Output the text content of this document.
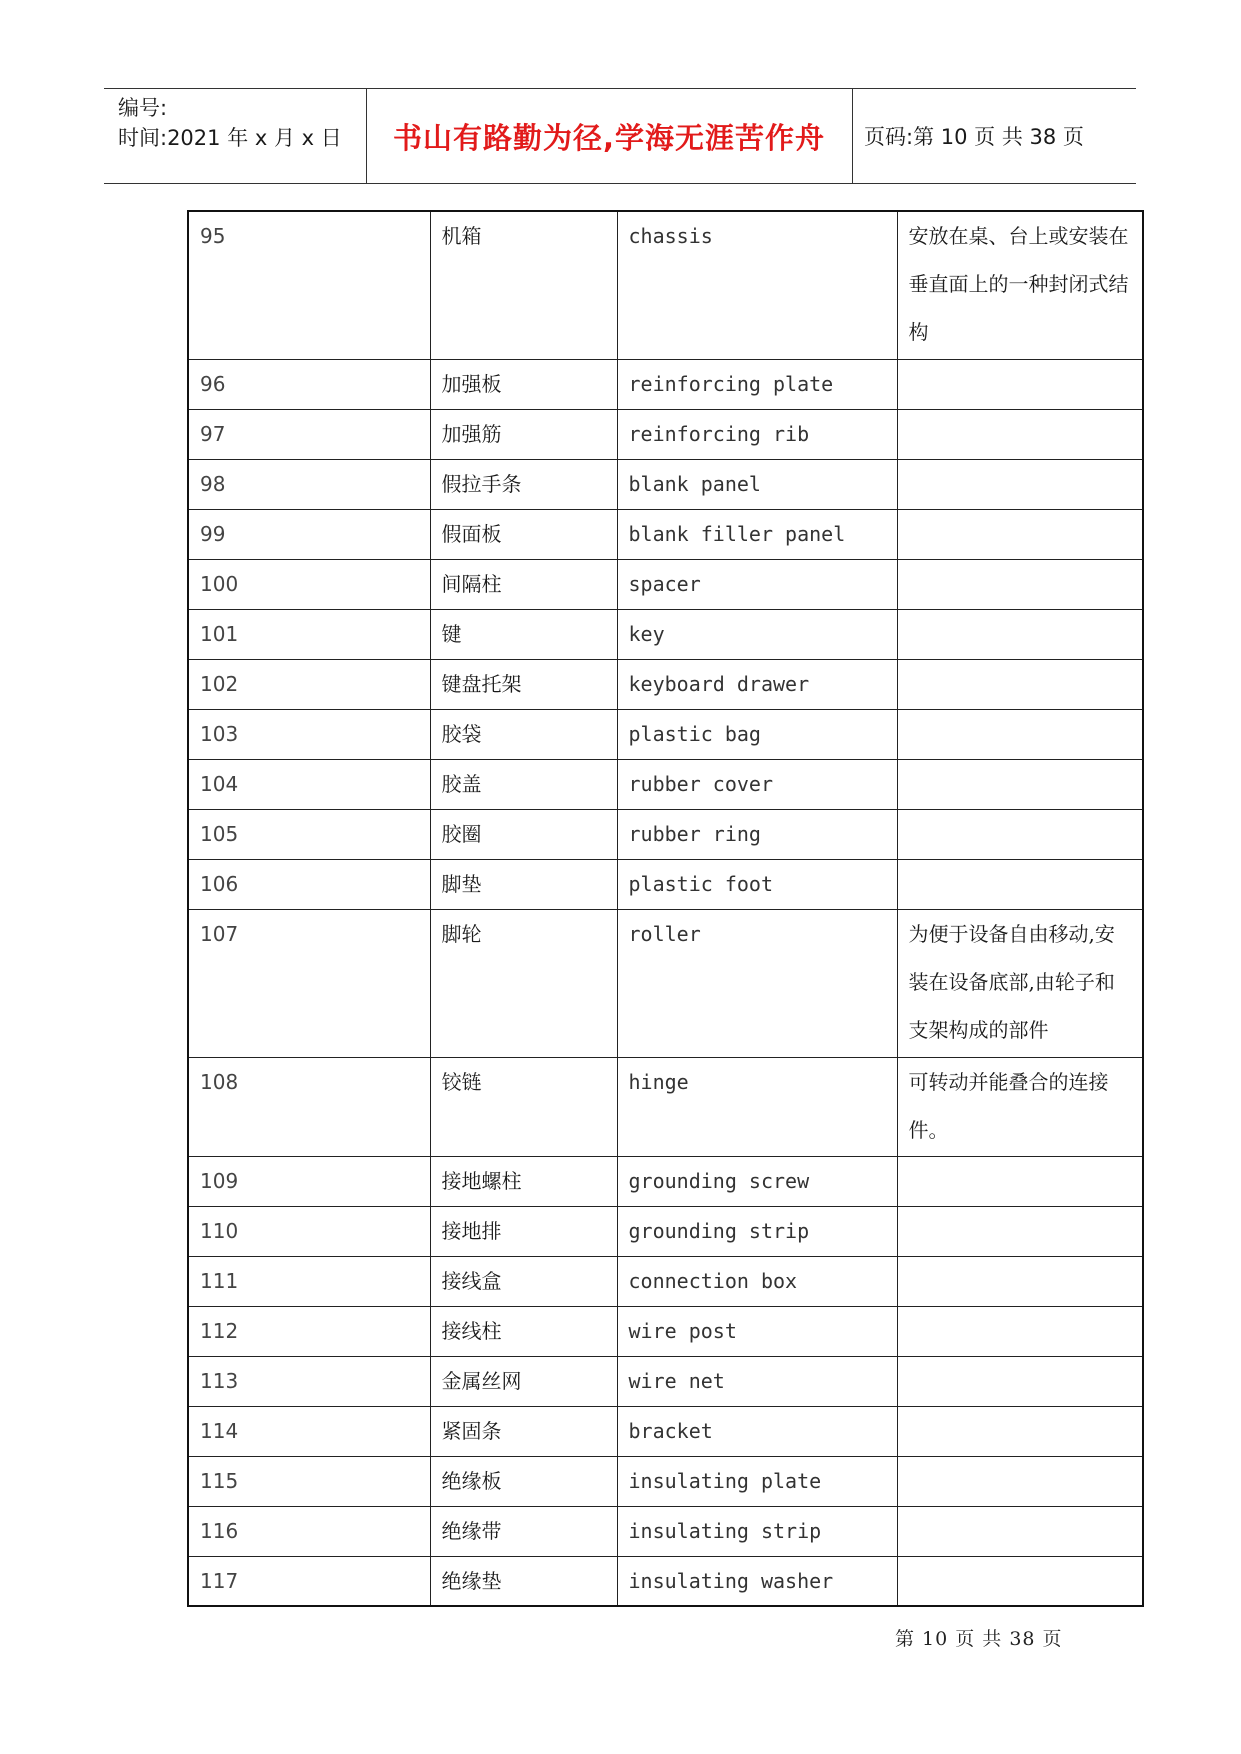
编号:
时间:2021 年 x 月 x 日	书山有路勤为径,学海无涯苦作舟	页码:第 10 页 共 38 页
95	机箱	chassis	安放在桌、台上或安装在垂直面上的一种封闭式结构
96	加强板	reinforcing plate	
97	加强筋	reinforcing rib	
98	假拉手条	blank panel	
99	假面板	blank filler panel	
100	间隔柱	spacer	
101	键	key	
102	键盘托架	keyboard drawer	
103	胶袋	plastic bag	
104	胶盖	rubber cover	
105	胶圈	rubber ring	
106	脚垫	plastic foot	
107	脚轮	roller	为便于设备自由移动,安装在设备底部,由轮子和支架构成的部件
108	铰链	hinge	可转动并能叠合的连接件。
109	接地螺柱	grounding screw	
110	接地排	grounding strip	
111	接线盒	connection box	
112	接线柱	wire post	
113	金属丝网	wire net	
114	紧固条	bracket	
115	绝缘板	insulating plate	
116	绝缘带	insulating strip	
117	绝缘垫	insulating washer	
第 10 页 共 38 页
